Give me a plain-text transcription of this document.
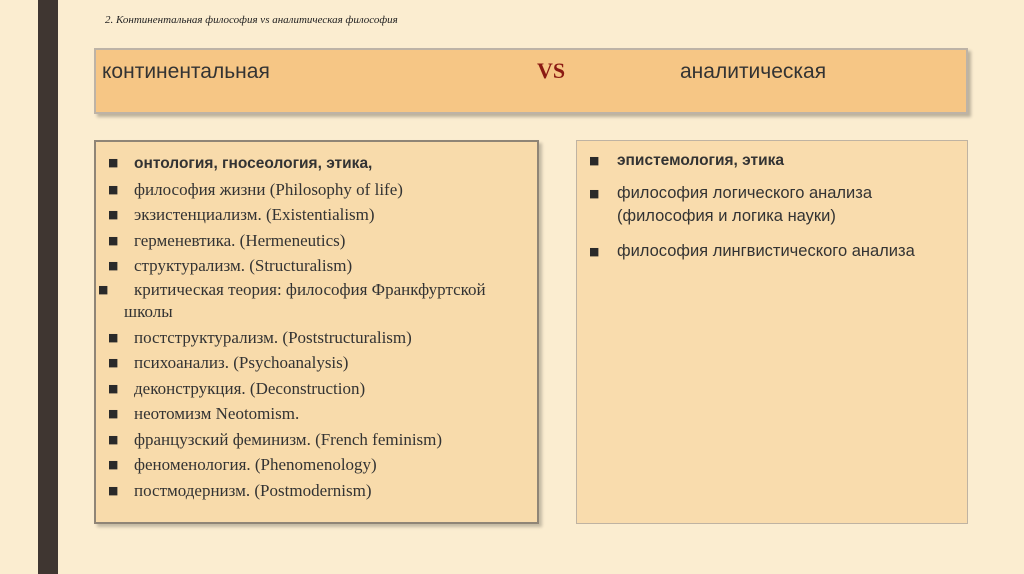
2. Континентальная философия vs аналитическая философия

континентальная	VS	аналитическая
■ онтология, гносеология, этика,
■ философия жизни (Philosophy of life)
■ экзистенциализм. (Existentialism)
■ герменевтика. (Hermeneutics)
■ структурализм. (Structuralism)
■ критическая теория: философия Франкфуртской школы
■ постструктурализм. (Poststructuralism)
■ психоанализ. (Psychoanalysis)
■ деконструкция. (Deconstruction)
■ неотомизм Neotomism.
■ французский феминизм. (French feminism)
■ феноменология. (Phenomenology)
■ постмодернизм. (Postmodernism)
■ эпистемология, этика
■ философия логического анализа (философия и логика науки)
■ философия лингвистического анализа
